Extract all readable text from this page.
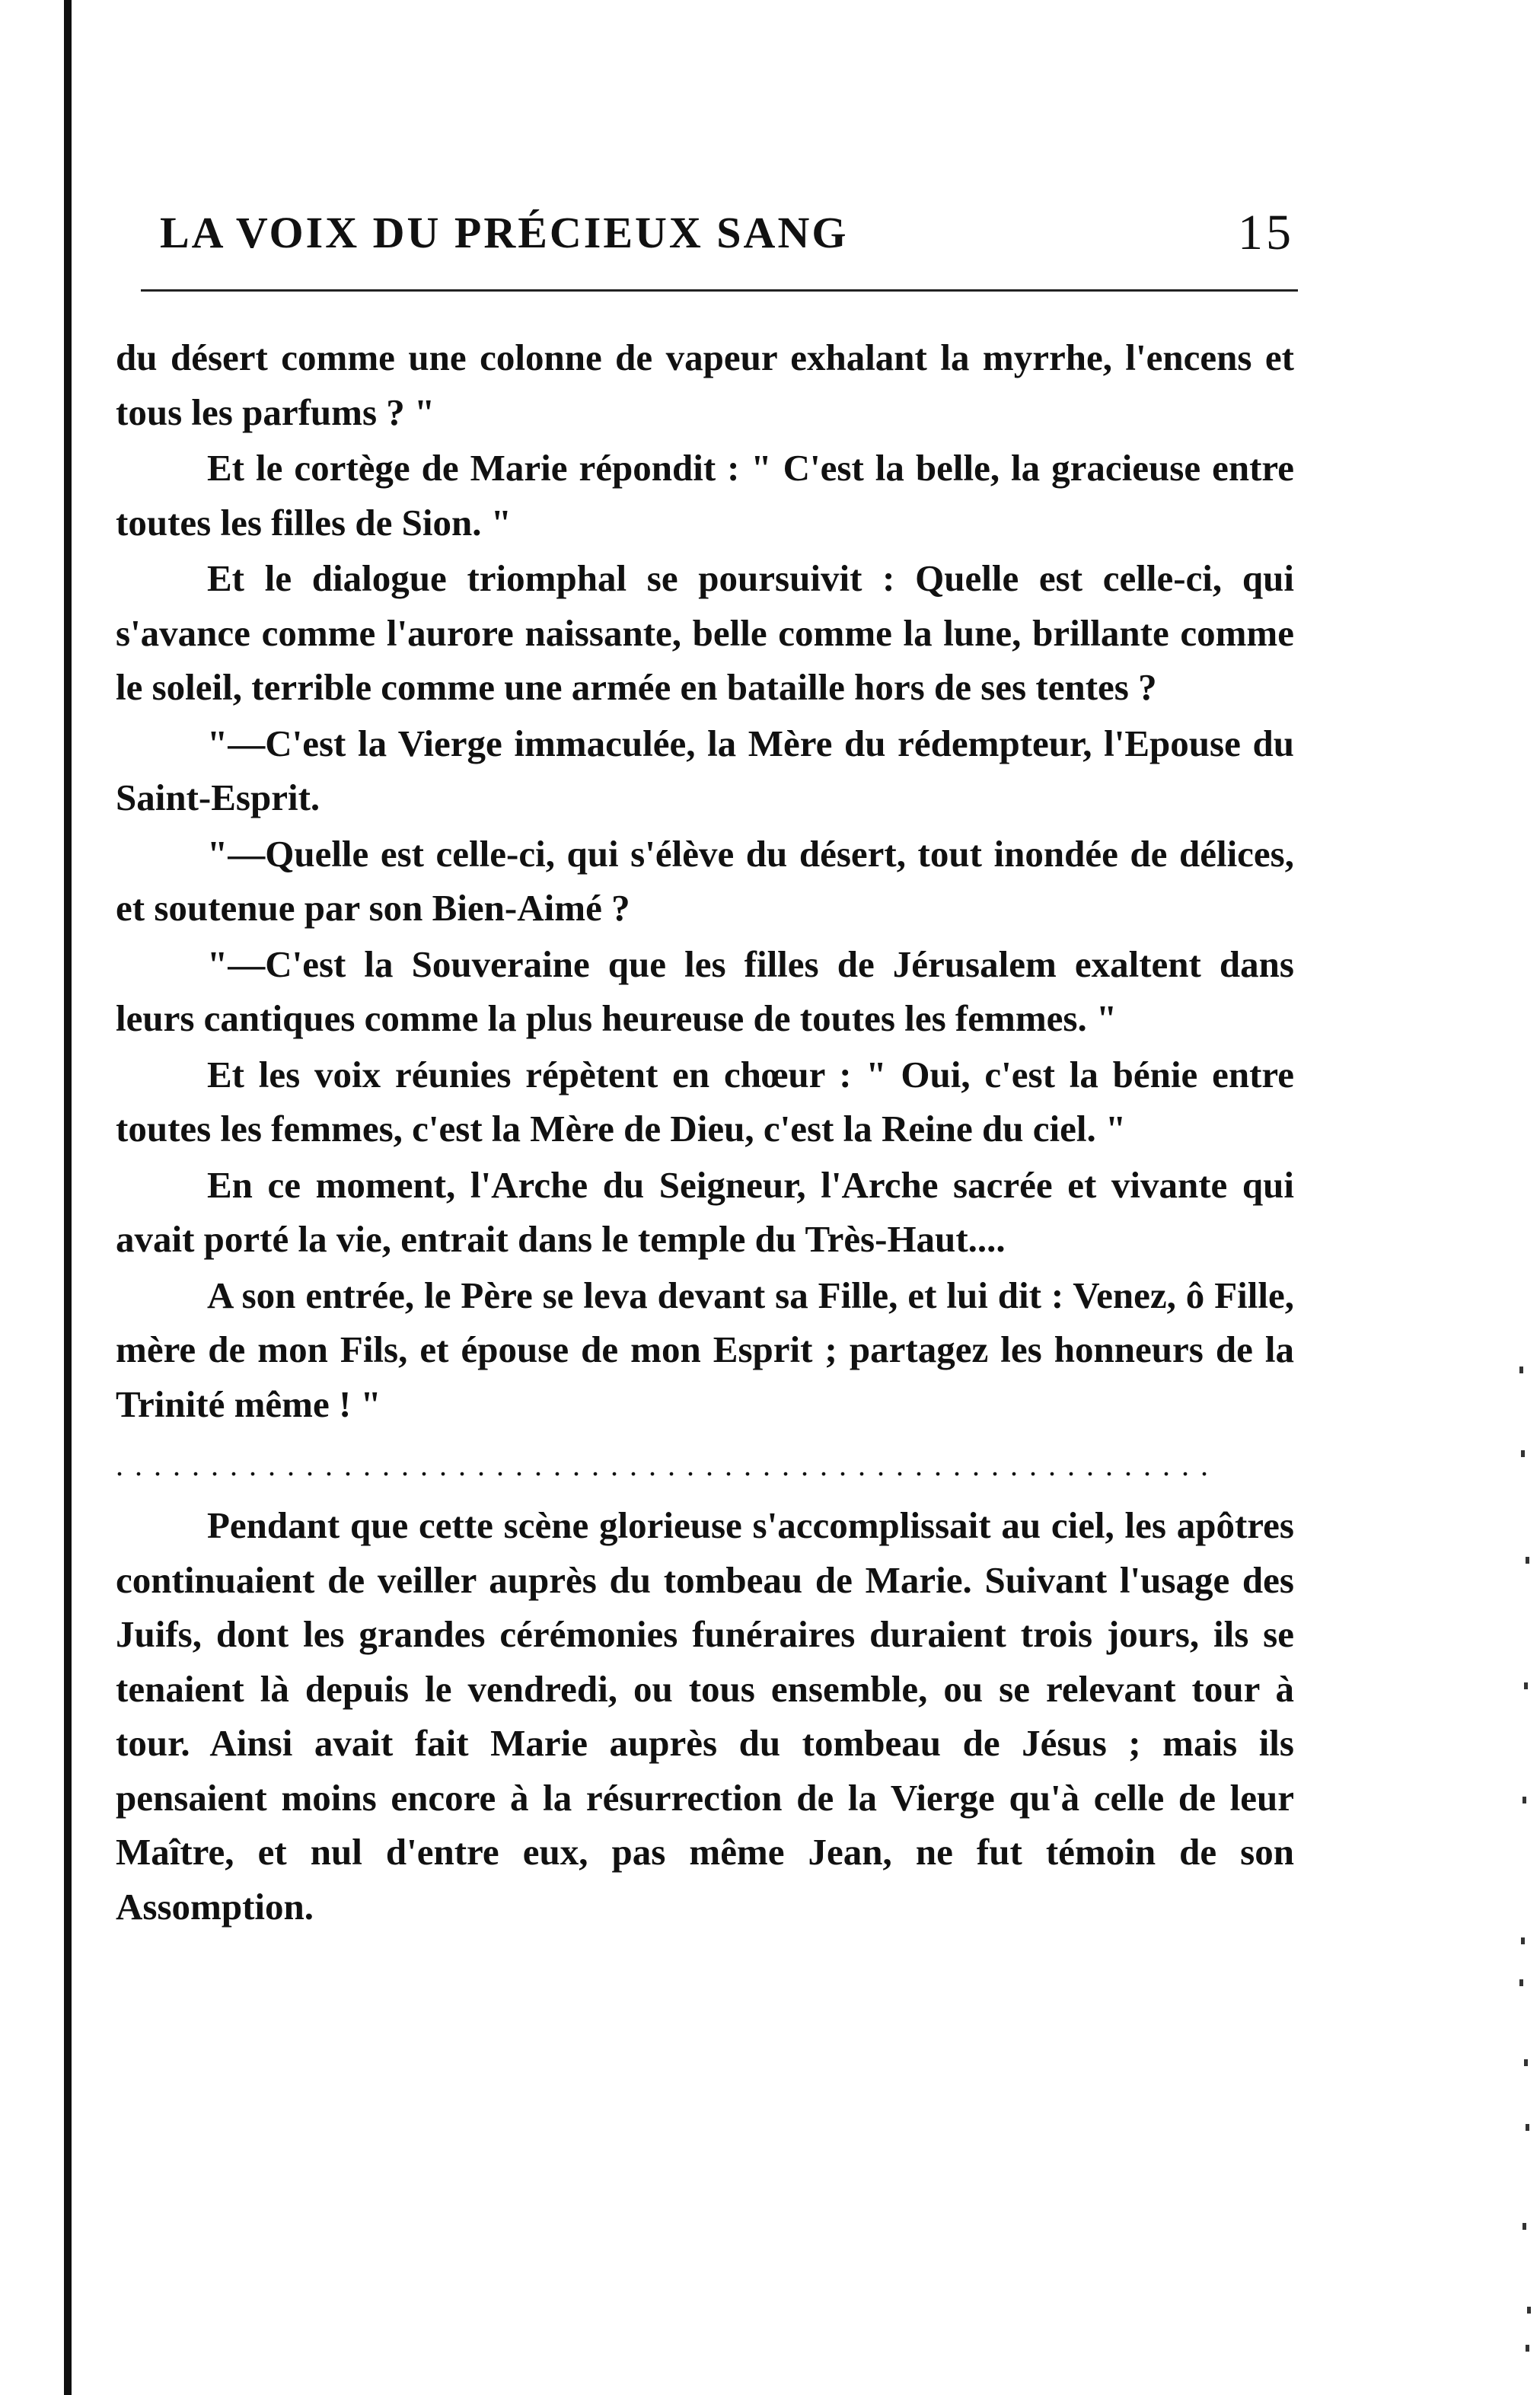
LA VOIX DU PRÉCIEUX SANG	15

du désert comme une colonne de vapeur exhalant la myrrhe, l'encens et tous les parfums ? "

Et le cortège de Marie répondit : " C'est la belle, la gracieuse entre toutes les filles de Sion. "

Et le dialogue triomphal se poursuivit : Quelle est celle-ci, qui s'avance comme l'aurore naissante, belle comme la lune, brillante comme le soleil, terrible comme une armée en bataille hors de ses tentes ?

"—C'est la Vierge immaculée, la Mère du rédempteur, l'Epouse du Saint-Esprit.

"—Quelle est celle-ci, qui s'élève du désert, tout inondée de délices, et soutenue par son Bien-Aimé ?

"—C'est la Souveraine que les filles de Jérusalem exaltent dans leurs cantiques comme la plus heureuse de toutes les femmes. "

Et les voix réunies répètent en chœur : " Oui, c'est la bénie entre toutes les femmes, c'est la Mère de Dieu, c'est la Reine du ciel. "

En ce moment, l'Arche du Seigneur, l'Arche sacrée et vivante qui avait porté la vie, entrait dans le temple du Très-Haut....

A son entrée, le Père se leva devant sa Fille, et lui dit : Venez, ô Fille, mère de mon Fils, et épouse de mon Esprit ; partagez les honneurs de la Trinité même ! "

..........................................................

Pendant que cette scène glorieuse s'accomplissait au ciel, les apôtres continuaient de veiller auprès du tombeau de Marie. Suivant l'usage des Juifs, dont les grandes cérémonies funéraires duraient trois jours, ils se tenaient là depuis le vendredi, ou tous ensemble, ou se relevant tour à tour. Ainsi avait fait Marie auprès du tombeau de Jésus ; mais ils pensaient moins encore à la résurrection de la Vierge qu'à celle de leur Maître, et nul d'entre eux, pas même Jean, ne fut témoin de son Assomption.
